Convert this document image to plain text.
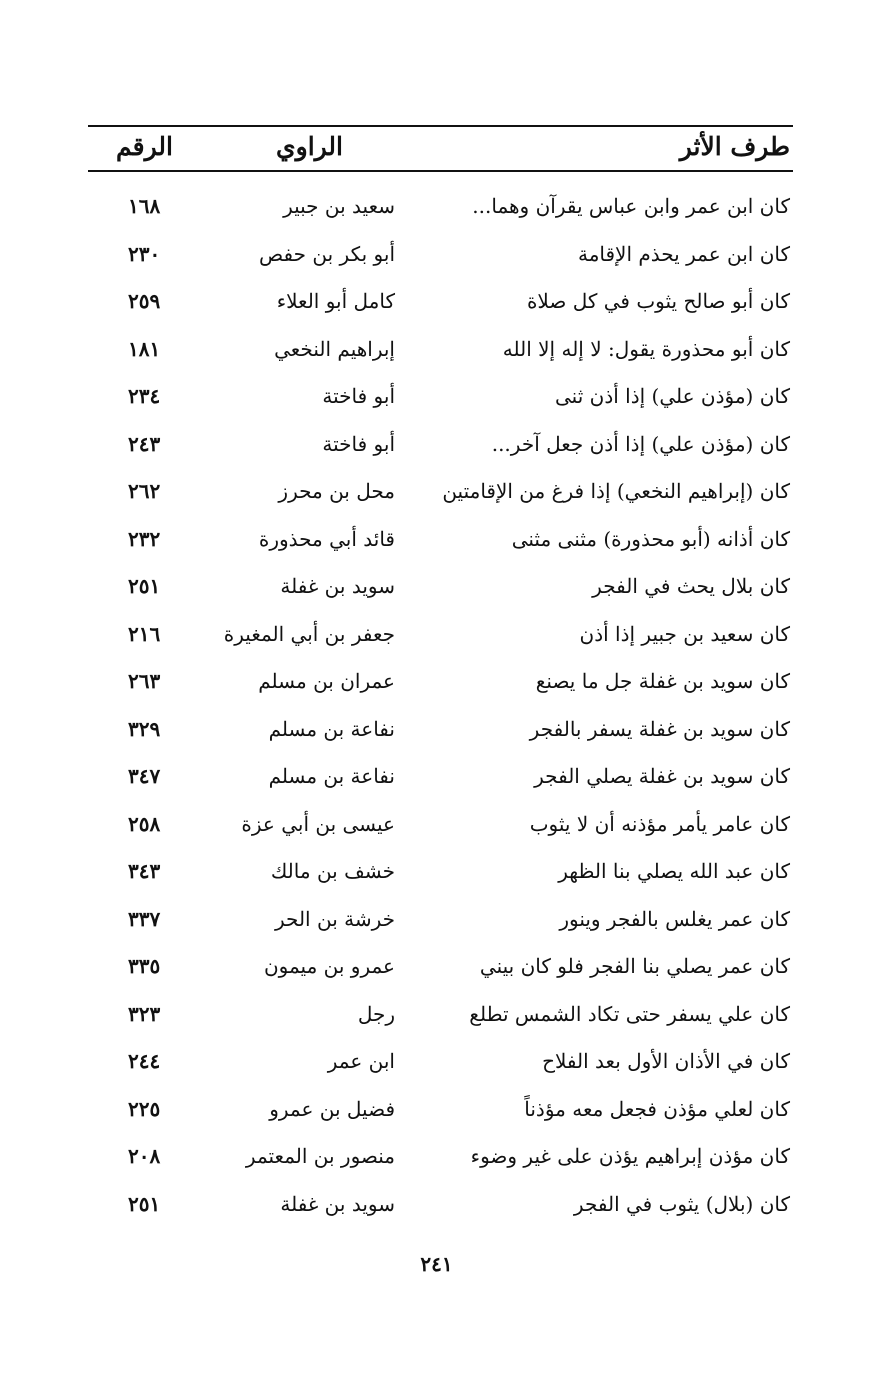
طرف الأثر
الراوي
الرقم
كان ابن عمر وابن عباس يقرآن وهما...
سعيد بن جبير
١٦٨
كان ابن عمر يحذم الإقامة
أبو بكر بن حفص
٢٣٠
كان أبو صالح يثوب في كل صلاة
كامل أبو العلاء
٢٥٩
كان أبو محذورة يقول: لا إله إلا الله
إبراهيم النخعي
١٨١
كان (مؤذن علي) إذا أذن ثنى
أبو فاختة
٢٣٤
كان (مؤذن علي) إذا أذن جعل آخر...
أبو فاختة
٢٤٣
كان (إبراهيم النخعي) إذا فرغ من الإقامتين
محل بن محرز
٢٦٢
كان أذانه (أبو محذورة) مثنى مثنى
قائد أبي محذورة
٢٣٢
كان بلال يحث في الفجر
سويد بن غفلة
٢٥١
كان سعيد بن جبير إذا أذن
جعفر بن أبي المغيرة
٢١٦
كان سويد بن غفلة جل ما يصنع
عمران بن مسلم
٢٦٣
كان سويد بن غفلة يسفر بالفجر
نفاعة بن مسلم
٣٢٩
كان سويد بن غفلة يصلي الفجر
نفاعة بن مسلم
٣٤٧
كان عامر يأمر مؤذنه أن لا يثوب
عيسى بن أبي عزة
٢٥٨
كان عبد الله يصلي بنا الظهر
خشف بن مالك
٣٤٣
كان عمر يغلس بالفجر وينور
خرشة بن الحر
٣٣٧
كان عمر يصلي بنا الفجر فلو كان بيني
عمرو بن ميمون
٣٣٥
كان علي يسفر حتى تكاد الشمس تطلع
رجل
٣٢٣
كان في الأذان الأول بعد الفلاح
ابن عمر
٢٤٤
كان لعلي مؤذن فجعل معه مؤذناً
فضيل بن عمرو
٢٢٥
كان مؤذن إبراهيم يؤذن على غير وضوء
منصور بن المعتمر
٢٠٨
كان (بلال) يثوب في الفجر
سويد بن غفلة
٢٥١
٢٤١
